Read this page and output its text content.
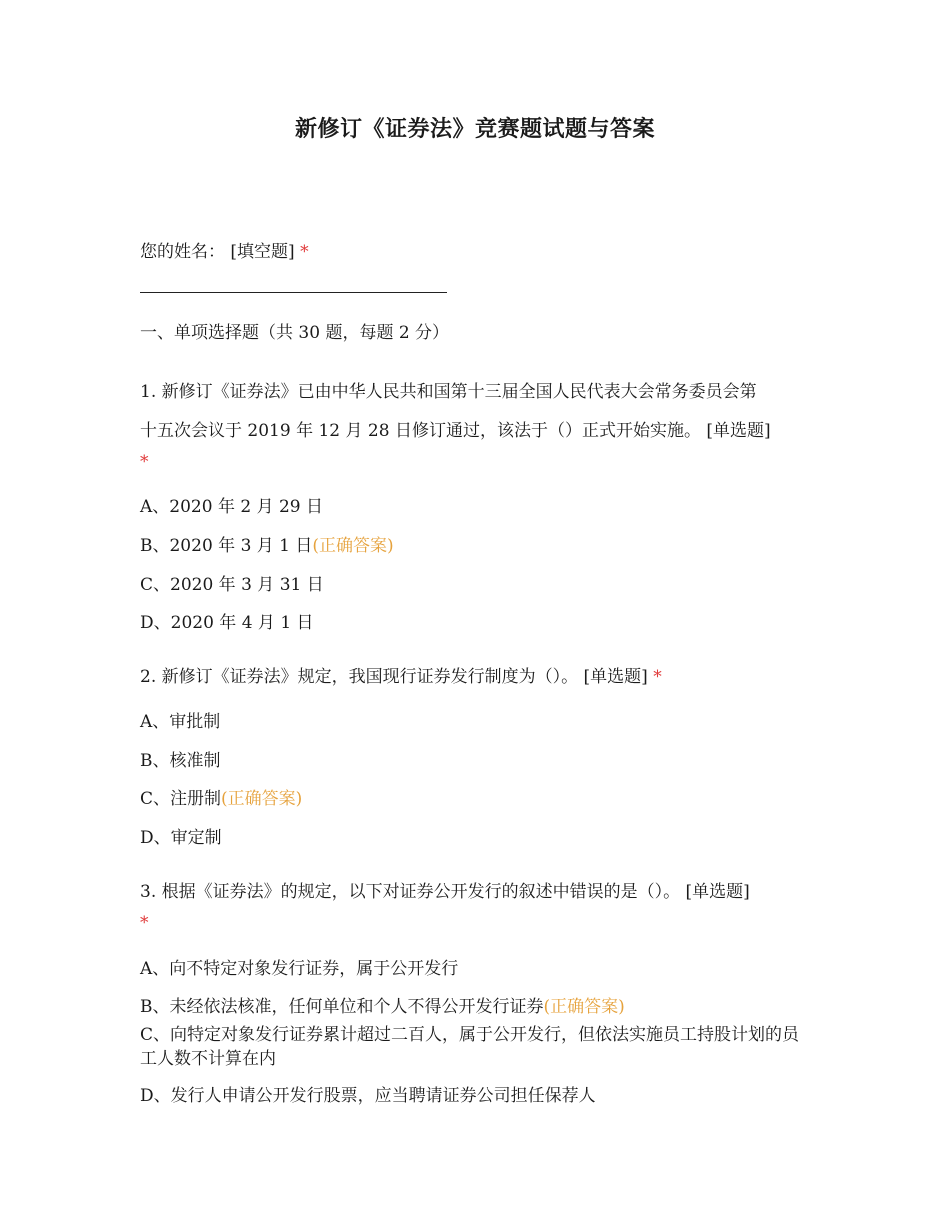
新修订《证券法》竞赛题试题与答案
您的姓名： [填空题] *
一、单项选择题（共 30 题，每题 2 分）
1. 新修订《证券法》已由中华人民共和国第十三届全国人民代表大会常务委员会第
十五次会议于 2019 年 12 月 28 日修订通过，该法于（）正式开始实施。 [单选题]
*
A、2020 年 2 月 29 日
B、2020 年 3 月 1 日(正确答案)
C、2020 年 3 月 31 日
D、2020 年 4 月 1 日
2. 新修订《证券法》规定，我国现行证券发行制度为（）。 [单选题] *
A、审批制
B、核准制
C、注册制(正确答案)
D、审定制
3. 根据《证券法》的规定，以下对证券公开发行的叙述中错误的是（）。 [单选题]
*
A、向不特定对象发行证券，属于公开发行
B、未经依法核准，任何单位和个人不得公开发行证券(正确答案)
C、向特定对象发行证券累计超过二百人，属于公开发行，但依法实施员工持股计划的员工人数不计算在内
D、发行人申请公开发行股票，应当聘请证券公司担任保荐人
